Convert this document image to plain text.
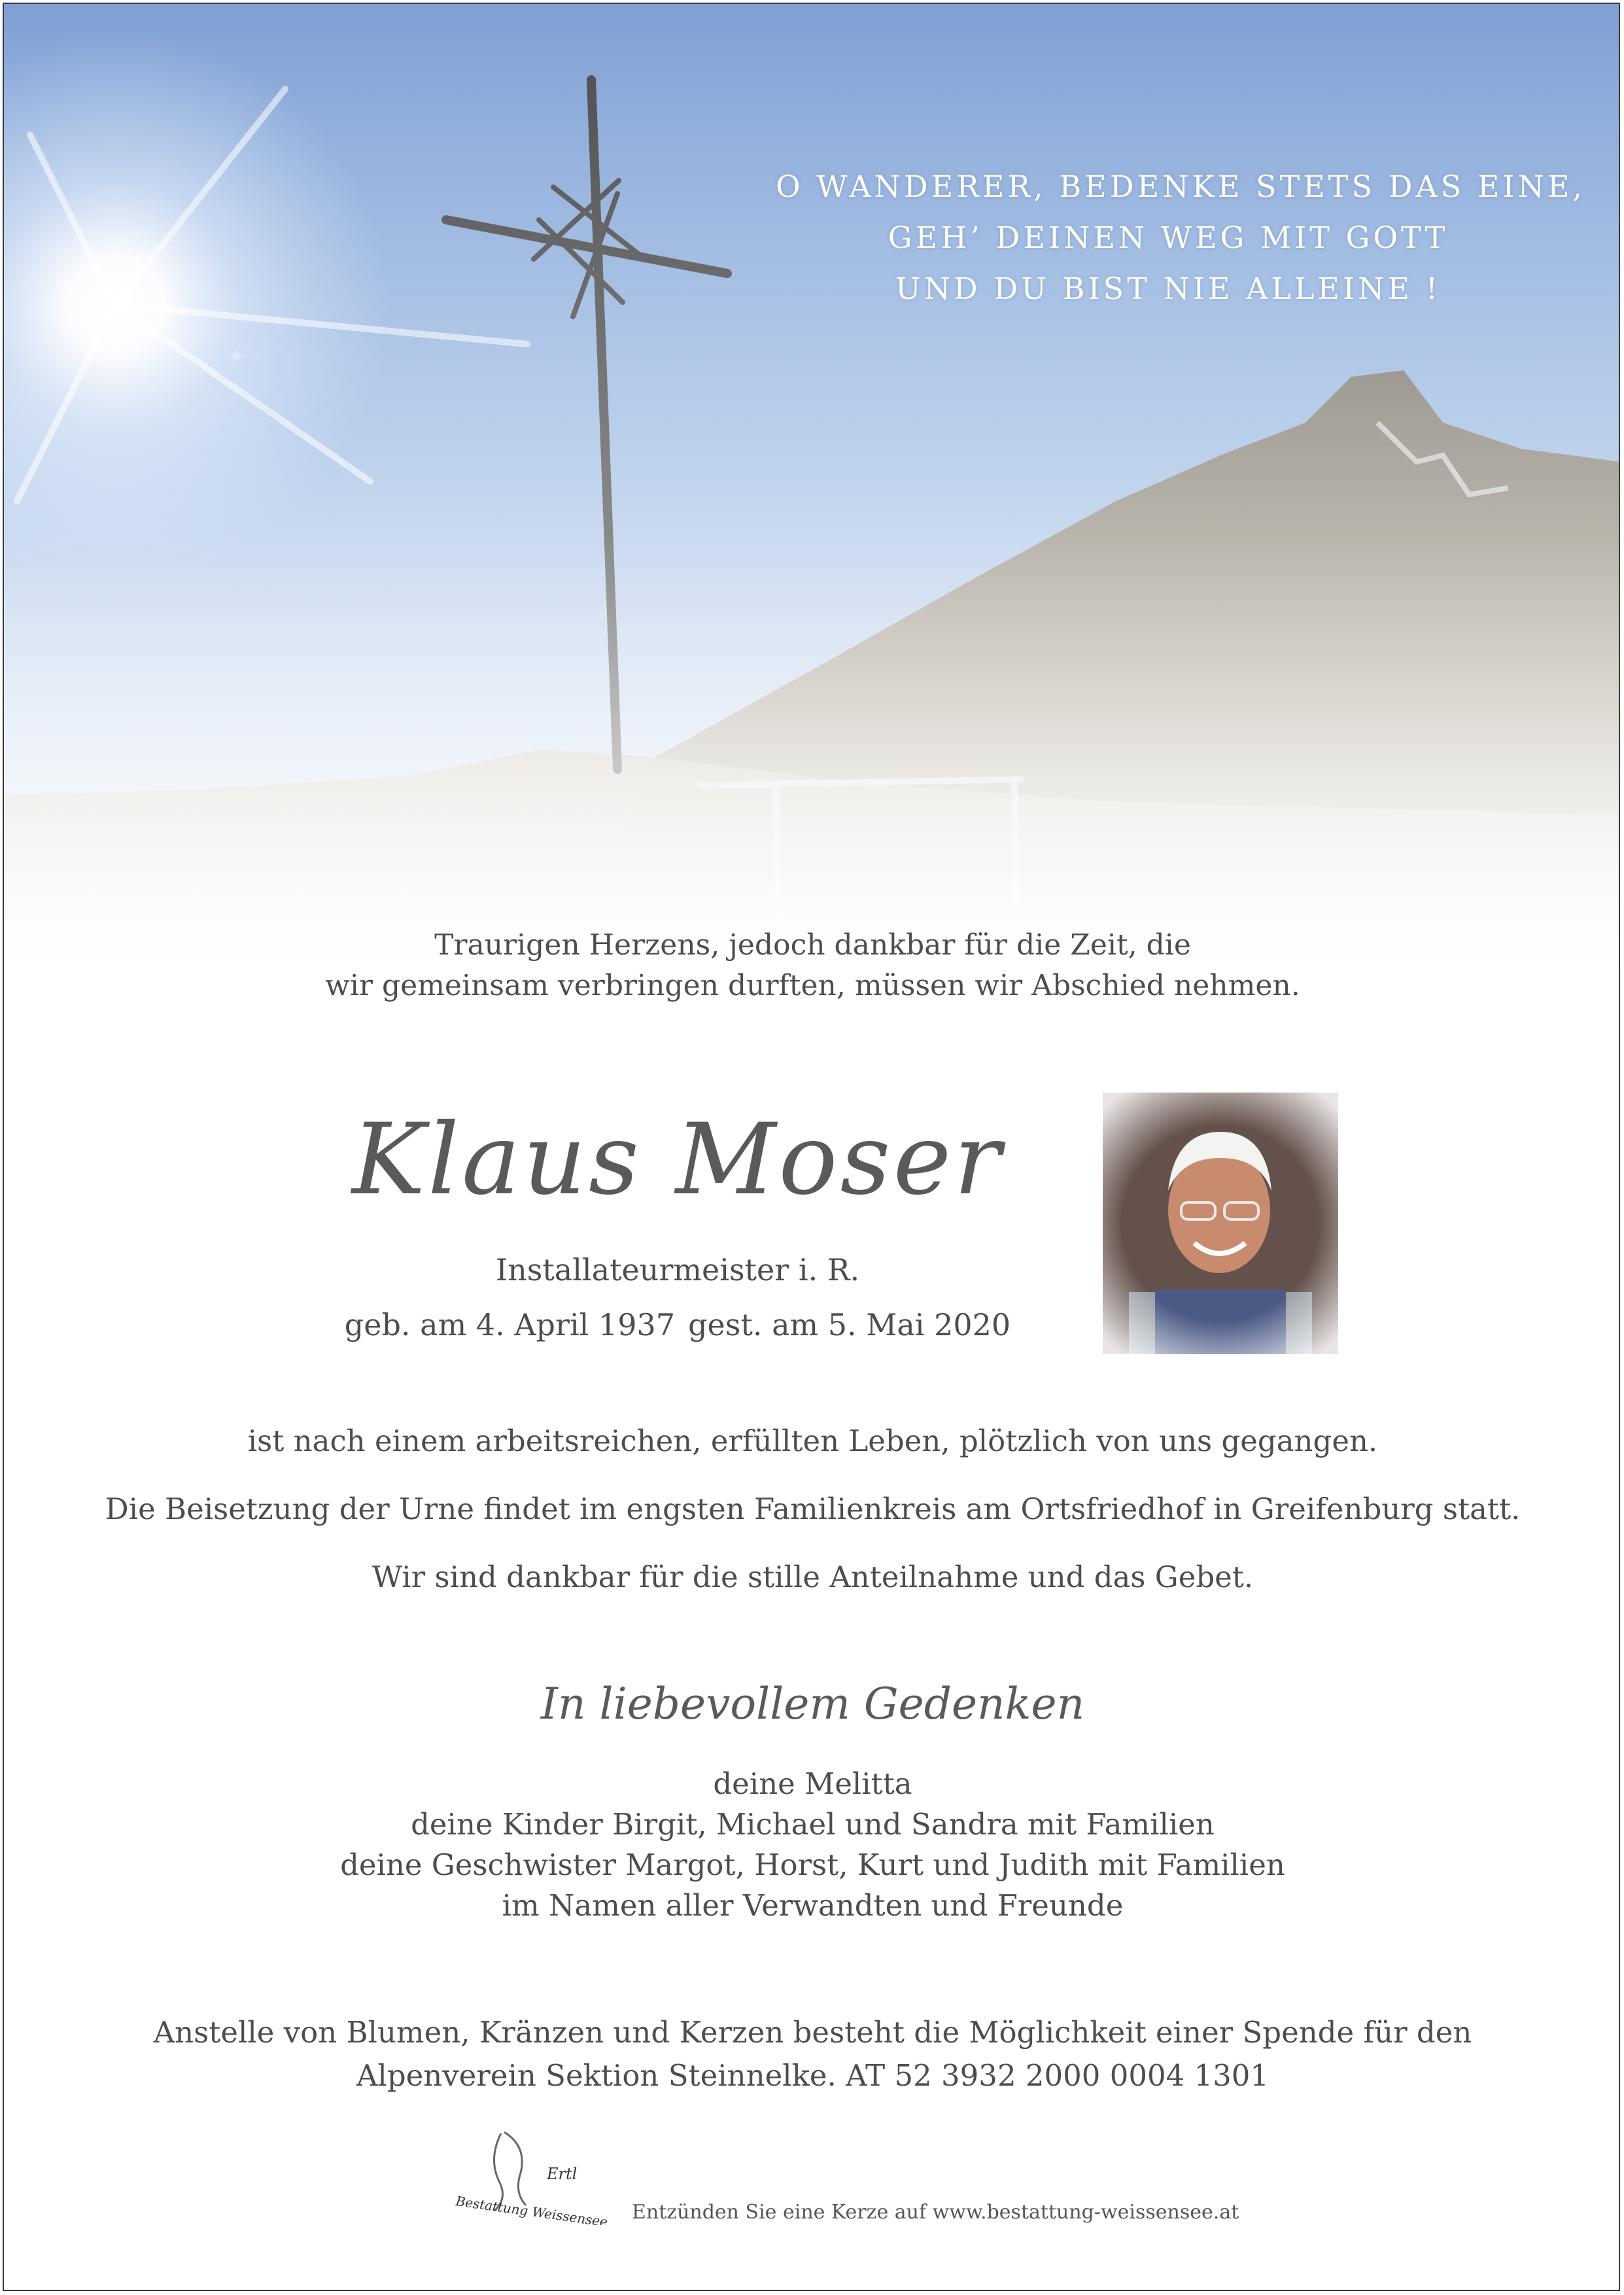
O WANDERER, BEDENKE STETS DAS EINE,
GEH’ DEINEN WEG MIT GOTT
UND DU BIST NIE ALLEINE !
Traurigen Herzens, jedoch dankbar für die Zeit, die
wir gemeinsam verbringen durften, müssen wir Abschied nehmen.
Klaus Moser
Installateurmeister i. R.
geb. am 4. April 1937 gest. am 5. Mai 2020
ist nach einem arbeitsreichen, erfüllten Leben, plötzlich von uns gegangen.
Die Beisetzung der Urne findet im engsten Familienkreis am Ortsfriedhof in Greifenburg statt.
Wir sind dankbar für die stille Anteilnahme und das Gebet.
In liebevollem Gedenken
deine Melitta
deine Kinder Birgit, Michael und Sandra mit Familien
deine Geschwister Margot, Horst, Kurt und Judith mit Familien
im Namen aller Verwandten und Freunde
Anstelle von Blumen, Kränzen und Kerzen besteht die Möglichkeit einer Spende für den
Alpenverein Sektion Steinnelke. AT 52 3932 2000 0004 1301
Ertl
Bestattung Weissensee Entzünden Sie eine Kerze auf www.bestattung-weissensee.at
